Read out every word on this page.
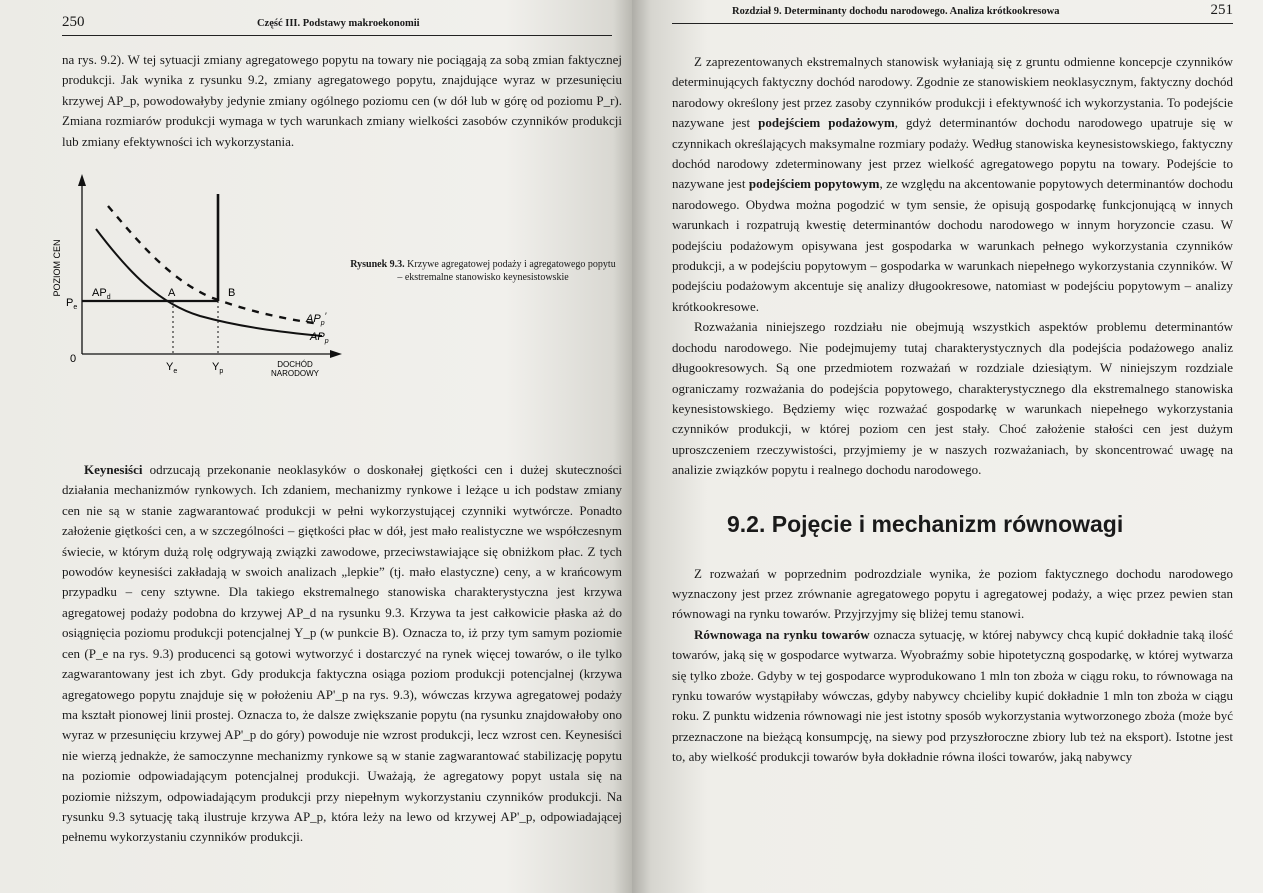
250	Część III. Podstawy makroekonomii

na rys. 9.2). W tej sytuacji zmiany agregatowego popytu na towary nie pociągają za sobą zmian faktycznej produkcji. Jak wynika z rysunku 9.2, zmiany agregatowego popytu, znajdujące wyraz w przesunięciu krzywej AP_p, powodowałyby jedynie zmiany ogólnego poziomu cen (w dół lub w górę od poziomu P_r). Zmiana rozmiarów produkcji wymaga w tych warunkach zmiany wielkości zasobów czynników produkcji lub zmiany efektywności ich wykorzystania.

POZIOM CEN
$P_e$
$AP_d$	A	B
$AP_p'$
$AP_p$
0
$Y_e$	$Y_p$
DOCHÓD
NARODOWY
Rysunek 9.3. Krzywe agregatowej podaży i agregatowego popytu – ekstremalne stanowisko keynesistowskie

Keynesiści odrzucają przekonanie neoklasyków o doskonałej giętkości cen i dużej skuteczności działania mechanizmów rynkowych. Ich zdaniem, mechanizmy rynkowe i leżące u ich podstaw zmiany cen nie są w stanie zagwarantować produkcji w pełni wykorzystującej czynniki wytwórcze. Ponadto założenie giętkości cen, a w szczególności – giętkości płac w dół, jest mało realistyczne we współczesnym świecie, w którym dużą rolę odgrywają związki zawodowe, przeciwstawiające się obniżkom płac. Z tych powodów keynesiści zakładają w swoich analizach „lepkie” (tj. mało elastyczne) ceny, a w krańcowym przypadku – ceny sztywne. Dla takiego ekstremalnego stanowiska charakterystyczna jest krzywa agregatowej podaży podobna do krzywej AP_d na rysunku 9.3. Krzywa ta jest całkowicie płaska aż do osiągnięcia poziomu produkcji potencjalnej Y_p (w punkcie B). Oznacza to, iż przy tym samym poziomie cen (P_e na rys. 9.3) producenci są gotowi wytworzyć i dostarczyć na rynek więcej towarów, o ile tylko zagwarantowany jest ich zbyt. Gdy produkcja faktyczna osiąga poziom produkcji potencjalnej (krzywa agregatowego popytu znajduje się w położeniu AP'_p na rys. 9.3), wówczas krzywa agregatowej podaży ma kształt pionowej linii prostej. Oznacza to, że dalsze zwiększanie popytu (na rysunku znajdowałoby ono wyraz w przesunięciu krzywej AP'_p do góry) powoduje nie wzrost produkcji, lecz wzrost cen. Keynesiści nie wierzą jednakże, że samoczynne mechanizmy rynkowe są w stanie zagwarantować stabilizację popytu na poziomie odpowiadającym potencjalnej produkcji. Uważają, że agregatowy popyt ustala się na poziomie niższym, odpowiadającym produkcji przy niepełnym wykorzystaniu czynników produkcji. Na rysunku 9.3 sytuację taką ilustruje krzywa AP_p, która leży na lewo od krzywej AP'_p, odpowiadającej pełnemu wykorzystaniu czynników produkcji.

Rozdział 9. Determinanty dochodu narodowego. Analiza krótkookresowa	251

Z zaprezentowanych ekstremalnych stanowisk wyłaniają się z gruntu odmienne koncepcje czynników determinujących faktyczny dochód narodowy. Zgodnie ze stanowiskiem neoklasycznym, faktyczny dochód narodowy określony jest przez zasoby czynników produkcji i efektywność ich wykorzystania. To podejście nazywane jest podejściem podażowym, gdyż determinantów dochodu narodowego upatruje się w czynnikach określających maksymalne rozmiary podaży. Według stanowiska keynesistowskiego, faktyczny dochód narodowy zdeterminowany jest przez wielkość agregatowego popytu na towary. Podejście to nazywane jest podejściem popytowym, ze względu na akcentowanie popytowych determinantów dochodu narodowego. Obydwa można pogodzić w tym sensie, że opisują gospodarkę funkcjonującą w innych warunkach i rozpatrują kwestię determinantów dochodu narodowego w innym horyzoncie czasu. W podejściu podażowym opisywana jest gospodarka w warunkach pełnego wykorzystania czynników produkcji, a w podejściu popytowym – gospodarka w warunkach niepełnego wykorzystania czynników. W podejściu podażowym akcentuje się analizy długookresowe, natomiast w podejściu popytowym – analizy krótkookresowe.

Rozważania niniejszego rozdziału nie obejmują wszystkich aspektów problemu determinantów dochodu narodowego. Nie podejmujemy tutaj charakterystycznych dla podejścia podażowego analiz długookresowych. Są one przedmiotem rozważań w rozdziale dziesiątym. W niniejszym rozdziale ograniczamy rozważania do podejścia popytowego, charakterystycznego dla ekstremalnego stanowiska keynesistowskiego. Będziemy więc rozważać gospodarkę w warunkach niepełnego wykorzystania czynników produkcji, w której poziom cen jest stały. Choć założenie stałości cen jest dużym uproszczeniem rzeczywistości, przyjmiemy je w naszych rozważaniach, by skoncentrować uwagę na analizie związków popytu i realnego dochodu narodowego.

9.2. Pojęcie i mechanizm równowagi

Z rozważań w poprzednim podrozdziale wynika, że poziom faktycznego dochodu narodowego wyznaczony jest przez zrównanie agregatowego popytu i agregatowej podaży, a więc przez pewien stan równowagi na rynku towarów. Przyjrzyjmy się bliżej temu stanowi.

Równowaga na rynku towarów oznacza sytuację, w której nabywcy chcą kupić dokładnie taką ilość towarów, jaką się w gospodarce wytwarza. Wyobraźmy sobie hipotetyczną gospodarkę, w której wytwarza się tylko zboże. Gdyby w tej gospodarce wyprodukowano 1 mln ton zboża w ciągu roku, to równowaga na rynku towarów wystąpiłaby wówczas, gdyby nabywcy chcieliby kupić dokładnie 1 mln ton zboża w ciągu roku. Z punktu widzenia równowagi nie jest istotny sposób wykorzystania wytworzonego zboża (może być przeznaczone na bieżącą konsumpcję, na siewy pod przyszłoroczne zbiory lub też na eksport). Istotne jest to, aby wielkość produkcji towarów była dokładnie równa ilości towarów, jaką nabywcy
